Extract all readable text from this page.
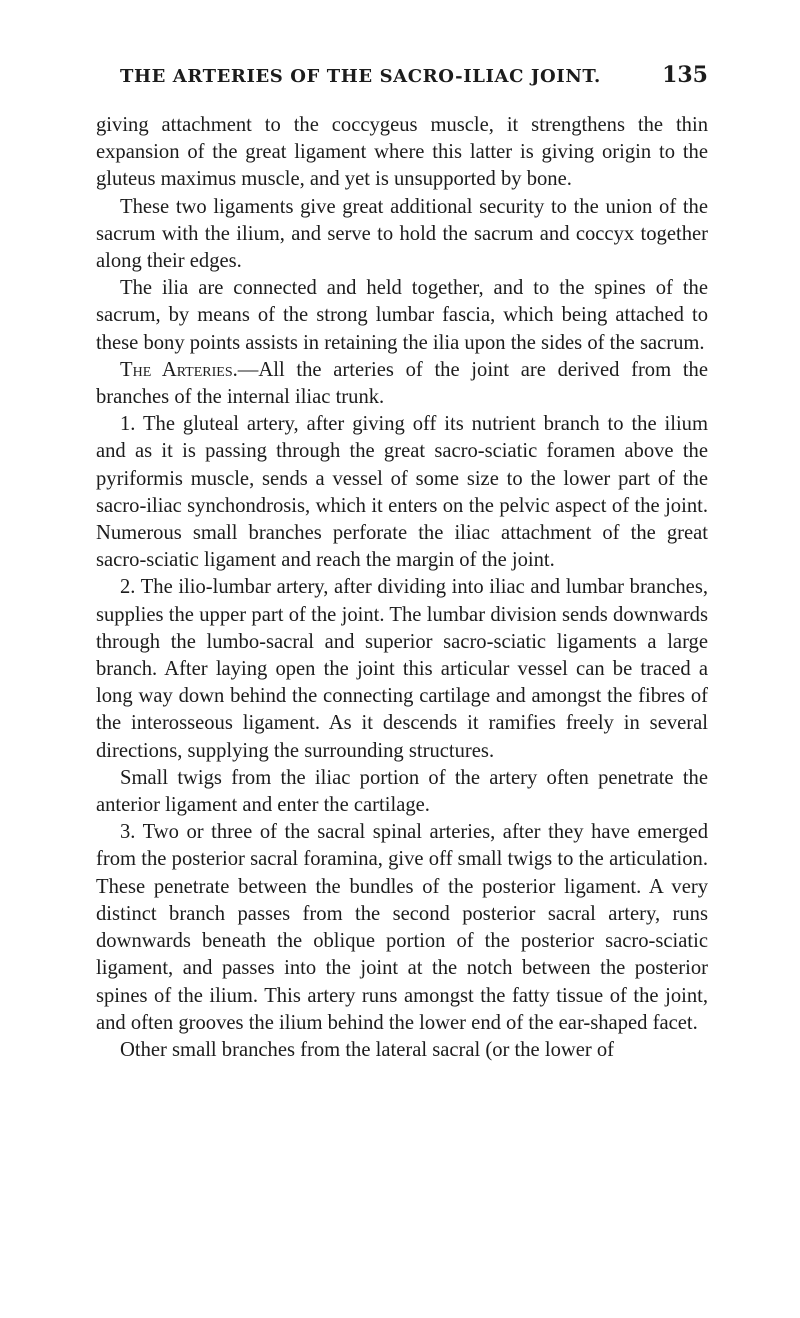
THE ARTERIES OF THE SACRO-ILIAC JOINT.	135

giving attachment to the coccygeus muscle, it strengthens the thin expansion of the great ligament where this latter is giving origin to the gluteus maximus muscle, and yet is unsupported by bone.

These two ligaments give great additional security to the union of the sacrum with the ilium, and serve to hold the sacrum and coccyx together along their edges.

The ilia are connected and held together, and to the spines of the sacrum, by means of the strong lumbar fascia, which being attached to these bony points assists in retaining the ilia upon the sides of the sacrum.

The Arteries.—All the arteries of the joint are derived from the branches of the internal iliac trunk.

1. The gluteal artery, after giving off its nutrient branch to the ilium and as it is passing through the great sacro-sciatic foramen above the pyriformis muscle, sends a vessel of some size to the lower part of the sacro-iliac synchondrosis, which it enters on the pelvic aspect of the joint. Numerous small branches perforate the iliac attachment of the great sacro-sciatic ligament and reach the margin of the joint.

2. The ilio-lumbar artery, after dividing into iliac and lumbar branches, supplies the upper part of the joint. The lumbar division sends downwards through the lumbo-sacral and superior sacro-sciatic ligaments a large branch. After laying open the joint this articular vessel can be traced a long way down behind the connecting cartilage and amongst the fibres of the interosseous ligament. As it descends it ramifies freely in several directions, supplying the surrounding structures.

Small twigs from the iliac portion of the artery often penetrate the anterior ligament and enter the cartilage.

3. Two or three of the sacral spinal arteries, after they have emerged from the posterior sacral foramina, give off small twigs to the articulation. These penetrate between the bundles of the posterior ligament. A very distinct branch passes from the second posterior sacral artery, runs downwards beneath the oblique portion of the posterior sacro-sciatic ligament, and passes into the joint at the notch between the posterior spines of the ilium. This artery runs amongst the fatty tissue of the joint, and often grooves the ilium behind the lower end of the ear-shaped facet.

Other small branches from the lateral sacral (or the lower of
